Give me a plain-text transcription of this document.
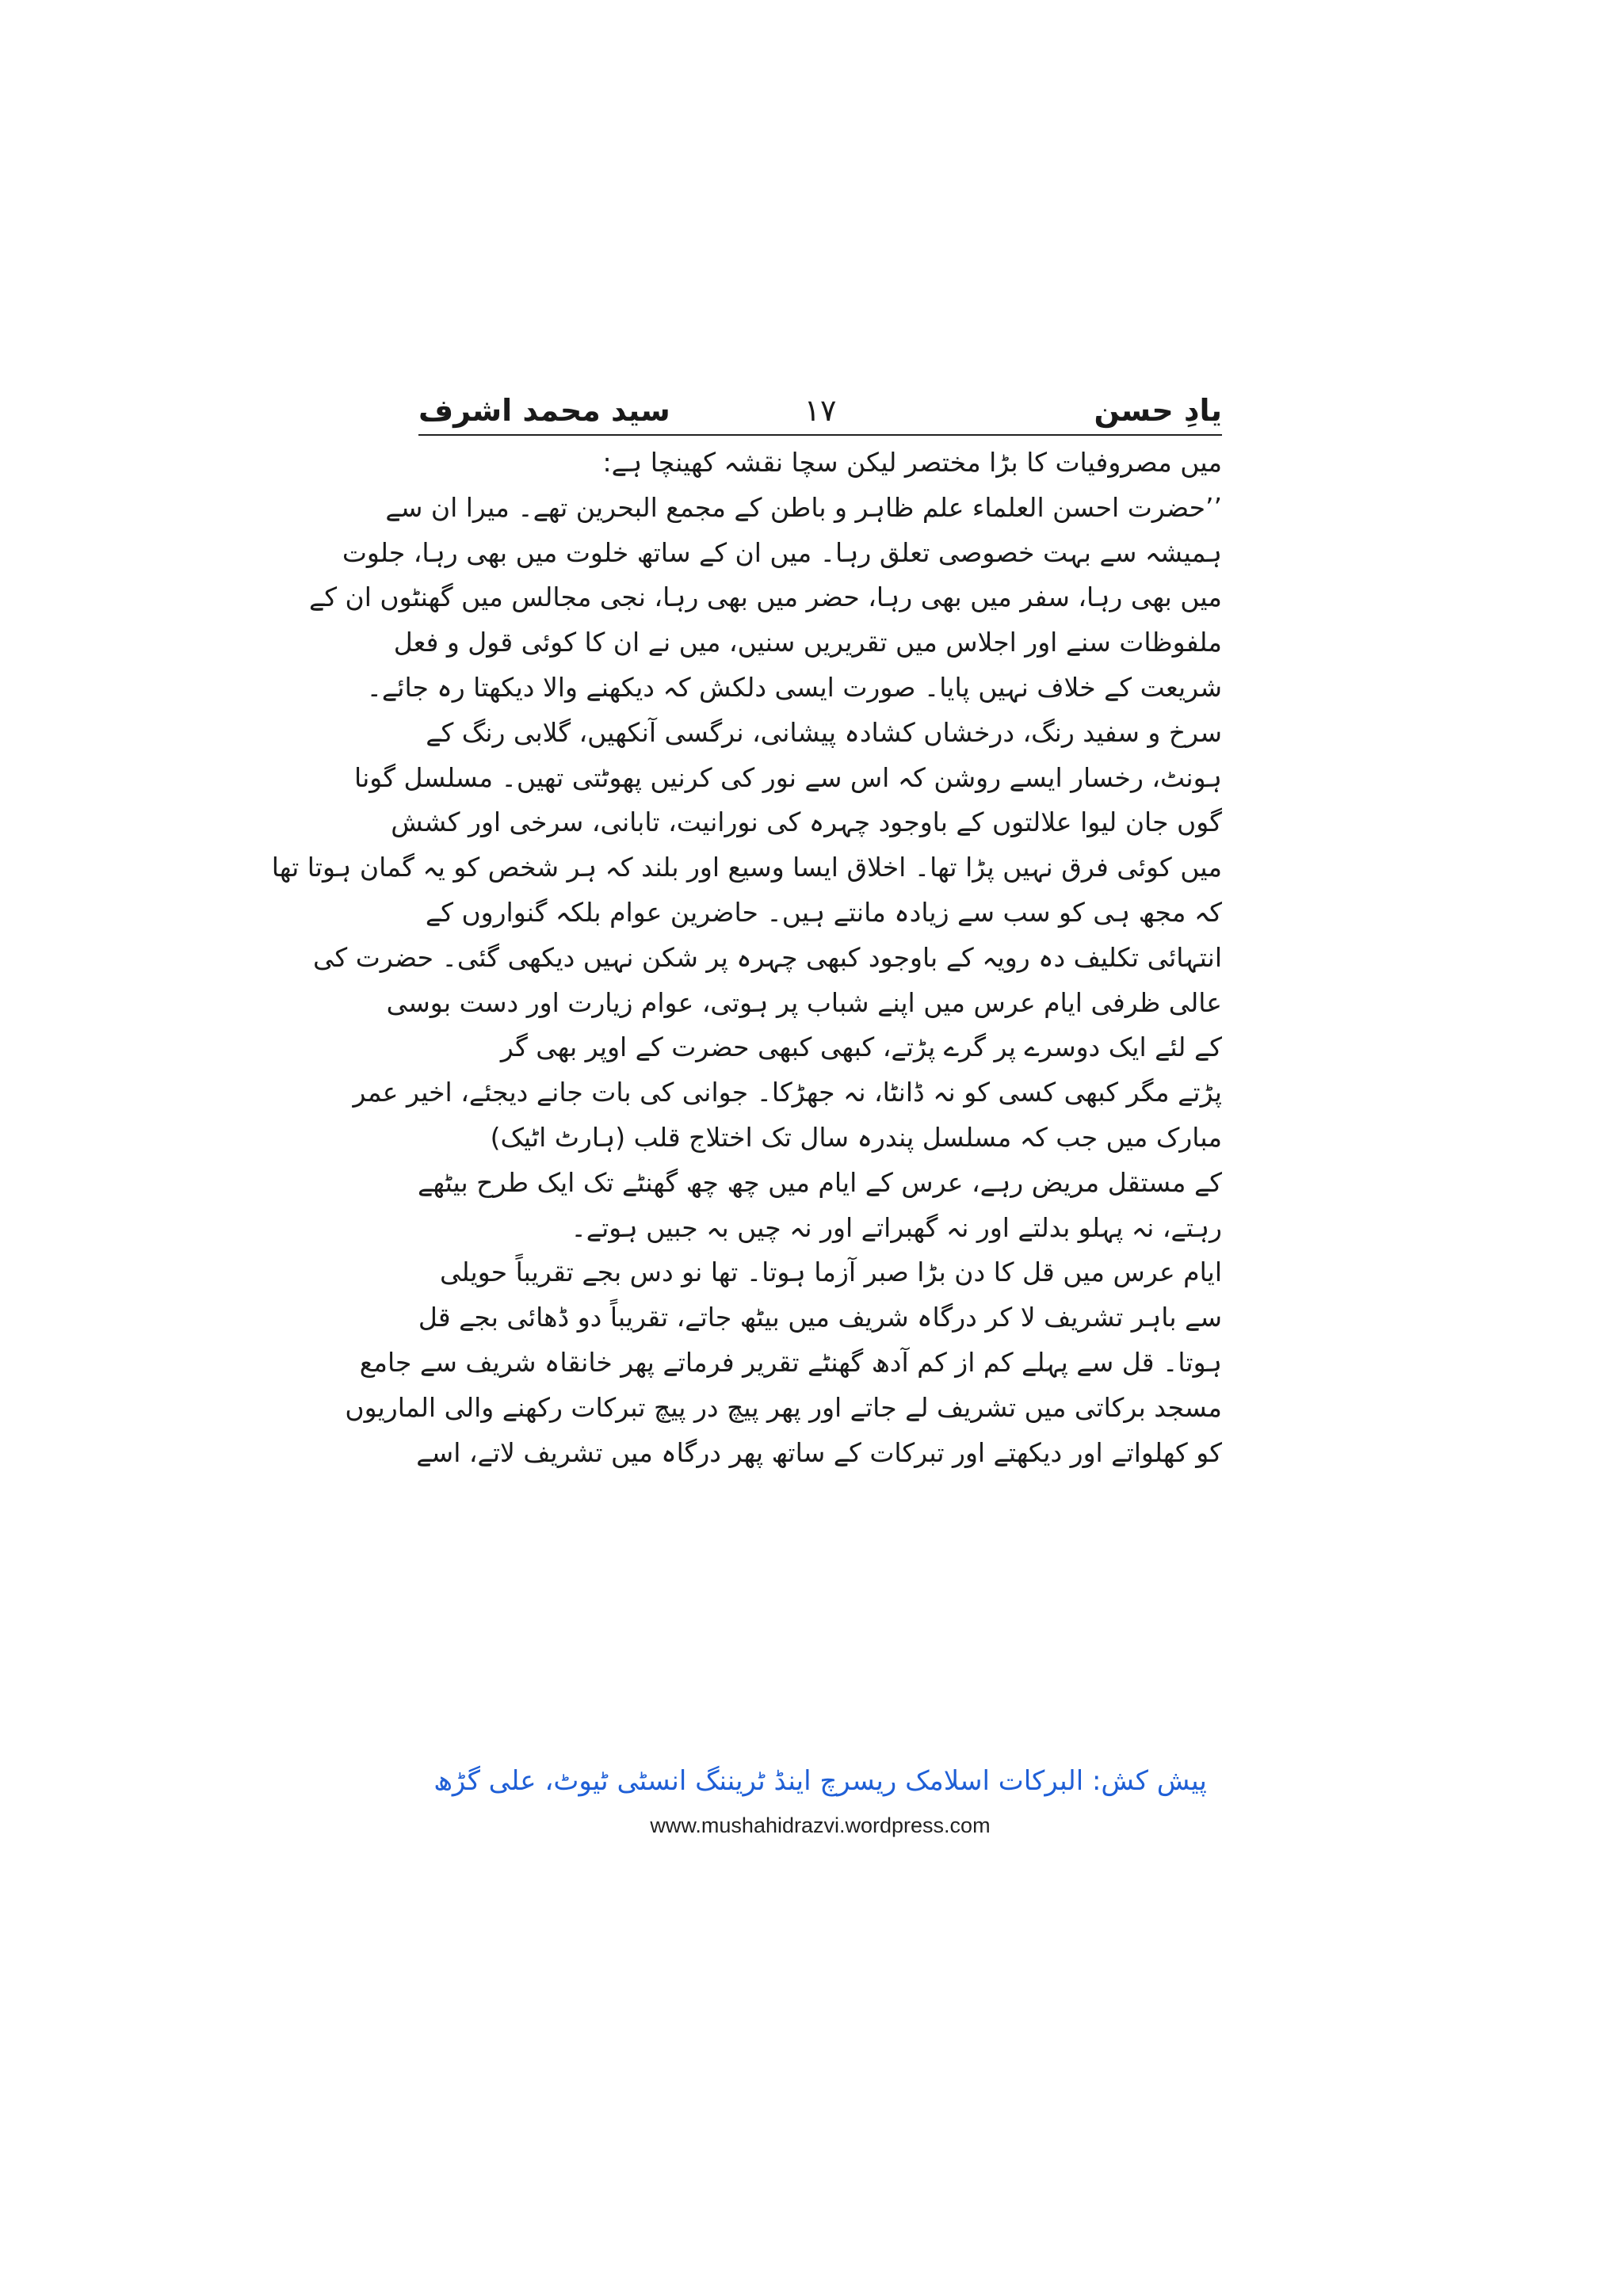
یادِ حسن
۱۷
سید محمد اشرف
میں مصروفیات کا بڑا مختصر لیکن سچا نقشہ کھینچا ہے:
’’حضرت احسن العلماء علم ظاہر و باطن کے مجمع البحرین تھے۔ میرا ان سے
ہمیشہ سے بہت خصوصی تعلق رہا۔ میں ان کے ساتھ خلوت میں بھی رہا، جلوت
میں بھی رہا، سفر میں بھی رہا، حضر میں بھی رہا، نجی مجالس میں گھنٹوں ان کے
ملفوظات سنے اور اجلاس میں تقریریں سنیں، میں نے ان کا کوئی قول و فعل
شریعت کے خلاف نہیں پایا۔ صورت ایسی دلکش کہ دیکھنے والا دیکھتا رہ جائے۔
سرخ و سفید رنگ، درخشاں کشادہ پیشانی، نرگسی آنکھیں، گلابی رنگ کے
ہونٹ، رخسار ایسے روشن کہ اس سے نور کی کرنیں پھوٹتی تھیں۔ مسلسل گونا
گوں جان لیوا علالتوں کے باوجود چہرہ کی نورانیت، تابانی، سرخی اور کشش
میں کوئی فرق نہیں پڑا تھا۔ اخلاق ایسا وسیع اور بلند کہ ہر شخص کو یہ گمان ہوتا تھا
کہ مجھ ہی کو سب سے زیادہ مانتے ہیں۔ حاضرین عوام بلکہ گنواروں کے
انتہائی تکلیف دہ رویہ کے باوجود کبھی چہرہ پر شکن نہیں دیکھی گئی۔ حضرت کی
عالی ظرفی ایام عرس میں اپنے شباب پر ہوتی، عوام زیارت اور دست بوسی
کے لئے ایک دوسرے پر گرے پڑتے، کبھی کبھی حضرت کے اوپر بھی گر
پڑتے مگر کبھی کسی کو نہ ڈانٹا، نہ جھڑکا۔ جوانی کی بات جانے دیجئے، اخیر عمر
مبارک میں جب کہ مسلسل پندرہ سال تک اختلاج قلب (ہارٹ اٹیک)
کے مستقل مریض رہے، عرس کے ایام میں چھ چھ گھنٹے تک ایک طرح بیٹھے
رہتے، نہ پہلو بدلتے اور نہ گھبراتے اور نہ چیں بہ جبیں ہوتے۔
ایام عرس میں قل کا دن بڑا صبر آزما ہوتا۔ تھا نو دس بجے تقریباً حویلی
سے باہر تشریف لا کر درگاہ شریف میں بیٹھ جاتے، تقریباً دو ڈھائی بجے قل
ہوتا۔ قل سے پہلے کم از کم آدھ گھنٹے تقریر فرماتے پھر خانقاہ شریف سے جامع
مسجد برکاتی میں تشریف لے جاتے اور پھر پیچ در پیچ تبرکات رکھنے والی الماریوں
کو کھلواتے اور دیکھتے اور تبرکات کے ساتھ پھر درگاہ میں تشریف لاتے، اسے
پیش کش: البرکات اسلامک ریسرچ اینڈ ٹریننگ انسٹی ٹیوٹ، علی گڑھ
www.mushahidrazvi.wordpress.com
